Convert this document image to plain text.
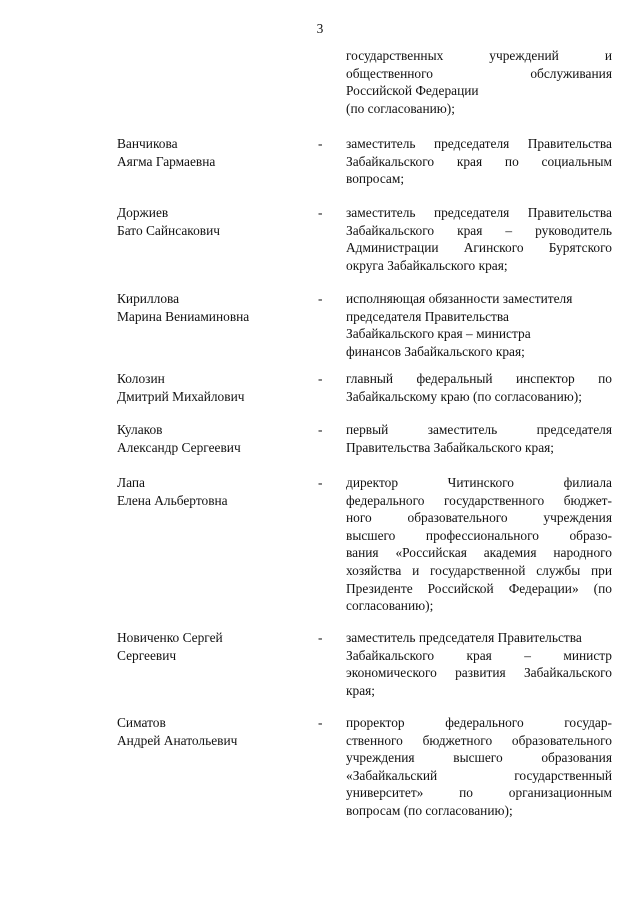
3
государственных учреждений и
общественного обслуживания
Российской Федерации
(по согласованию);
Ванчикова
Аягма Гармаевна
-	заместитель председателя Правительства
Забайкальского края по социальным
вопросам;
Доржиев
Бато Сайнсакович
-	заместитель председателя Правительства
Забайкальского края – руководитель
Администрации Агинского Бурятского
округа Забайкальского края;
Кириллова
Марина Вениаминовна
-	исполняющая обязанности заместителя
председателя Правительства
Забайкальского края – министра
финансов Забайкальского края;
Колозин
Дмитрий Михайлович
-	главный федеральный инспектор по
Забайкальскому краю (по согласованию);
Кулаков
Александр Сергеевич
-	первый заместитель председателя
Правительства Забайкальского края;
Лапа
Елена Альбертовна
-	директор Читинского филиала
федерального государственного бюджет-
ного образовательного учреждения
высшего профессионального образо-
вания «Российская академия народного
хозяйства и государственной службы при
Президенте Российской Федерации» (по
согласованию);
Новиченко Сергей
Сергеевич
-	заместитель председателя Правительства
Забайкальского края – министр
экономического развития Забайкальского
края;
Симатов
Андрей Анатольевич
-	проректор федерального государ-
ственного бюджетного образовательного
учреждения высшего образования
«Забайкальский государственный
университет» по организационным
вопросам (по согласованию);
